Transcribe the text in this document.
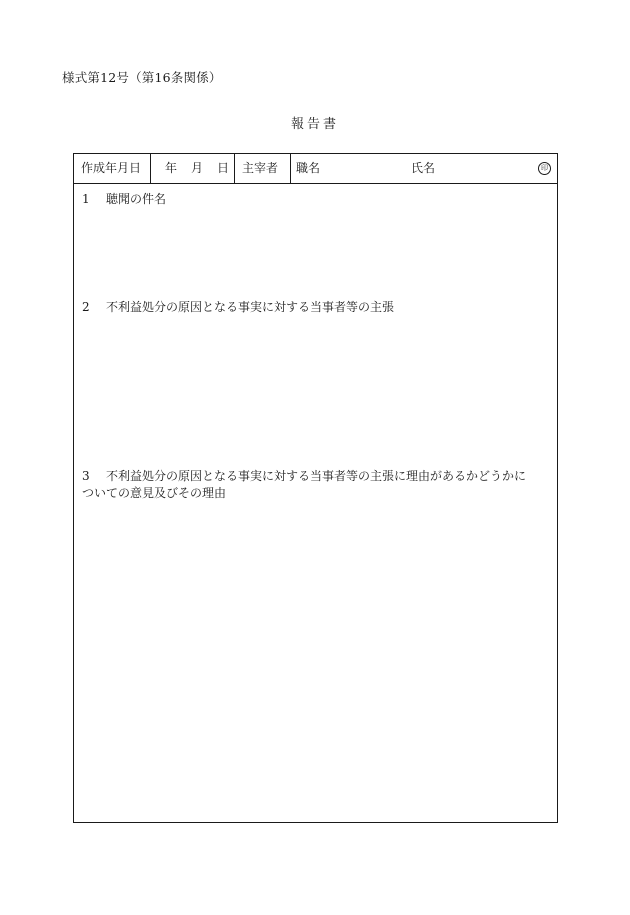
様式第12号（第16条関係）
報告書
作成年月日 年 月 日 主宰者 職名	氏名	印
1 聴聞の件名
2 不利益処分の原因となる事実に対する当事者等の主張
3 不利益処分の原因となる事実に対する当事者等の主張に理由があるかどうかに
ついての意見及びその理由
